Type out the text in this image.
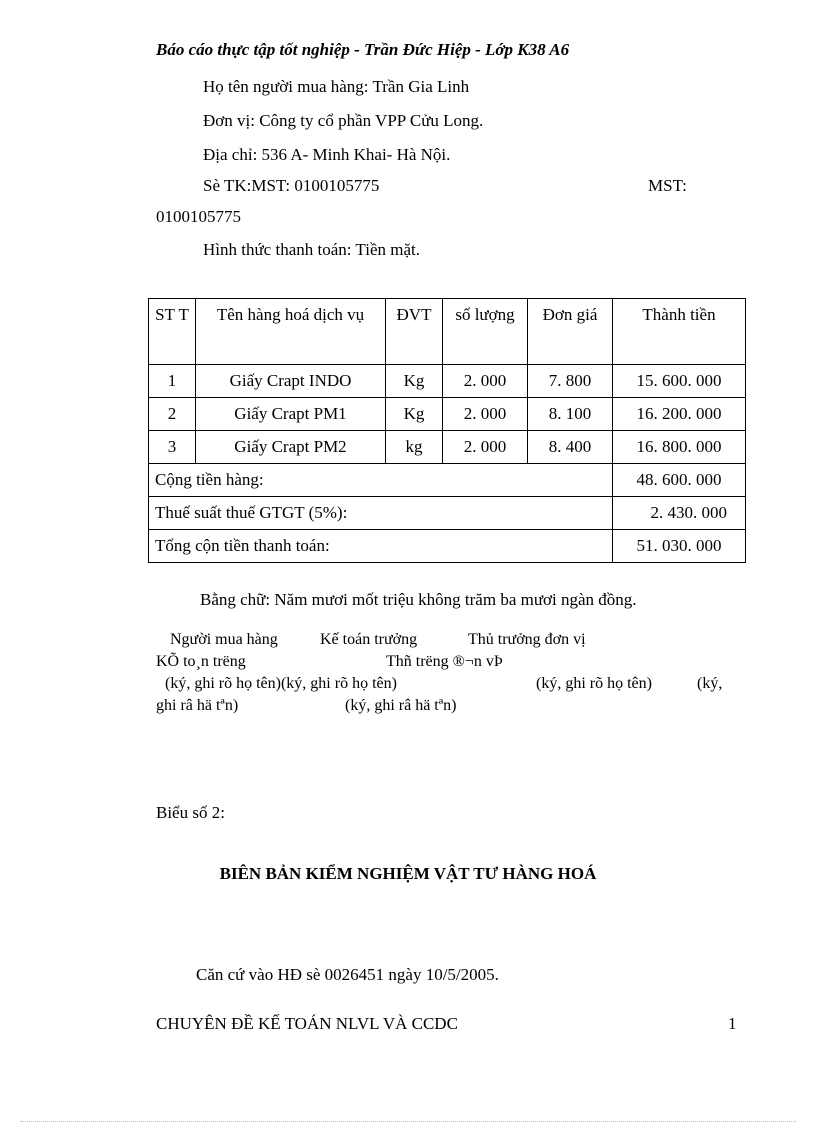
Báo cáo thực tập tốt nghiệp - Trần Đức Hiệp - Lớp K38 A6
Họ tên người mua hàng: Trần Gia Linh
Đơn vị: Công ty cổ phần VPP Cửu Long.
Địa chỉ: 536 A- Minh Khai- Hà Nội.
Sè TK:MST: 0100105775	MST:
0100105775
Hình thức thanh toán: Tiền mặt.
ST T	Tên hàng hoá dịch vụ	ĐVT	số lượng	Đơn giá	Thành tiền
1	Giấy Crapt INDO	Kg	2. 000	7. 800	15. 600. 000
2	Giấy Crapt PM1	Kg	2. 000	8. 100	16. 200. 000
3	Giấy Crapt PM2	kg	2. 000	8. 400	16. 800. 000
Cộng tiền hàng:					48. 600. 000
Thuế suất thuế GTGT (5%):					2. 430. 000
Tổng cộn tiền thanh toán:					51. 030. 000
Bằng chữ: Năm mươi mốt triệu không trăm ba mươi ngàn đồng.
Người mua hàng	Kế toán trưởng	Thủ trưởng đơn vị
KÕ to¸n trëng	Thñ trëng ®¬n vÞ
(ký, ghi rõ họ tên)(ký, ghi rõ họ tên)	(ký, ghi rõ họ tên)	(ký,
ghi râ hä tªn)	(ký, ghi râ hä tªn)
Biểu số 2:
BIÊN BẢN KIỂM NGHIỆM VẬT TƯ HÀNG HOÁ
Căn cứ vào HĐ sè 0026451 ngày 10/5/2005.
CHUYÊN ĐỀ KẾ TOÁN NLVL VÀ CCDC	1
